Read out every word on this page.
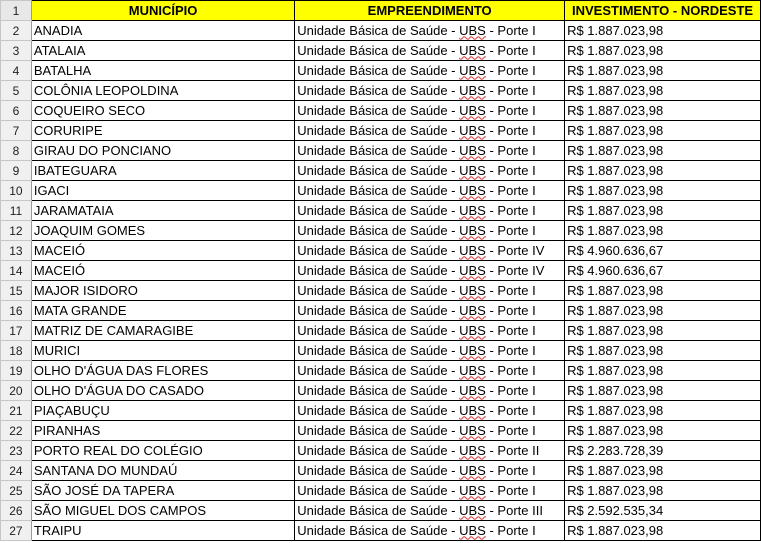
1	MUNICÍPIO	EMPREENDIMENTO	INVESTIMENTO - NORDESTE
2	ANADIA	Unidade Básica de Saúde - UBS - Porte I	R$ 1.887.023,98
3	ATALAIA	Unidade Básica de Saúde - UBS - Porte I	R$ 1.887.023,98
4	BATALHA	Unidade Básica de Saúde - UBS - Porte I	R$ 1.887.023,98
5	COLÔNIA LEOPOLDINA	Unidade Básica de Saúde - UBS - Porte I	R$ 1.887.023,98
6	COQUEIRO SECO	Unidade Básica de Saúde - UBS - Porte I	R$ 1.887.023,98
7	CORURIPE	Unidade Básica de Saúde - UBS - Porte I	R$ 1.887.023,98
8	GIRAU DO PONCIANO	Unidade Básica de Saúde - UBS - Porte I	R$ 1.887.023,98
9	IBATEGUARA	Unidade Básica de Saúde - UBS - Porte I	R$ 1.887.023,98
10	IGACI	Unidade Básica de Saúde - UBS - Porte I	R$ 1.887.023,98
11	JARAMATAIA	Unidade Básica de Saúde - UBS - Porte I	R$ 1.887.023,98
12	JOAQUIM GOMES	Unidade Básica de Saúde - UBS - Porte I	R$ 1.887.023,98
13	MACEIÓ	Unidade Básica de Saúde - UBS - Porte IV	R$ 4.960.636,67
14	MACEIÓ	Unidade Básica de Saúde - UBS - Porte IV	R$ 4.960.636,67
15	MAJOR ISIDORO	Unidade Básica de Saúde - UBS - Porte I	R$ 1.887.023,98
16	MATA GRANDE	Unidade Básica de Saúde - UBS - Porte I	R$ 1.887.023,98
17	MATRIZ DE CAMARAGIBE	Unidade Básica de Saúde - UBS - Porte I	R$ 1.887.023,98
18	MURICI	Unidade Básica de Saúde - UBS - Porte I	R$ 1.887.023,98
19	OLHO D'ÁGUA DAS FLORES	Unidade Básica de Saúde - UBS - Porte I	R$ 1.887.023,98
20	OLHO D'ÁGUA DO CASADO	Unidade Básica de Saúde - UBS - Porte I	R$ 1.887.023,98
21	PIAÇABUÇU	Unidade Básica de Saúde - UBS - Porte I	R$ 1.887.023,98
22	PIRANHAS	Unidade Básica de Saúde - UBS - Porte I	R$ 1.887.023,98
23	PORTO REAL DO COLÉGIO	Unidade Básica de Saúde - UBS - Porte II	R$ 2.283.728,39
24	SANTANA DO MUNDAÚ	Unidade Básica de Saúde - UBS - Porte I	R$ 1.887.023,98
25	SÃO JOSÉ DA TAPERA	Unidade Básica de Saúde - UBS - Porte I	R$ 1.887.023,98
26	SÃO MIGUEL DOS CAMPOS	Unidade Básica de Saúde - UBS - Porte III	R$ 2.592.535,34
27	TRAIPU	Unidade Básica de Saúde - UBS - Porte I	R$ 1.887.023,98
